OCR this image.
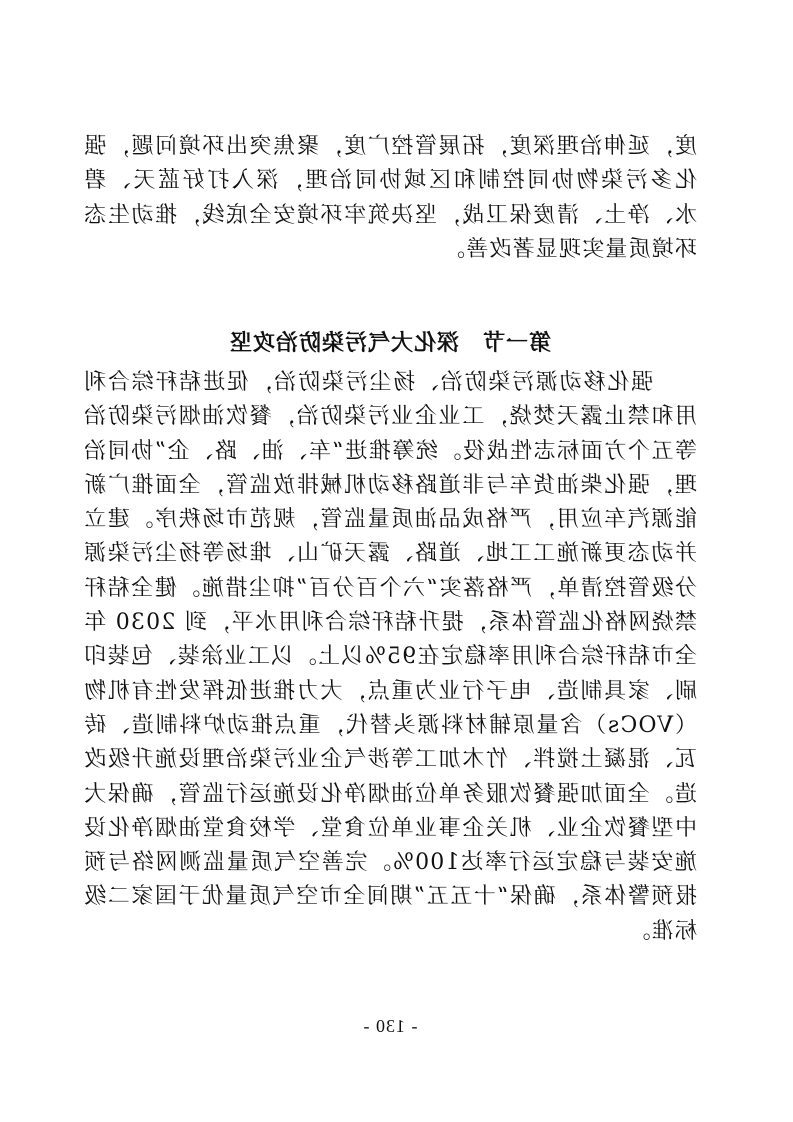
度，延伸治理深度，拓展管控广度，聚焦突出环境问题，强化多污染物协同控制和区域协同治理，深入打好蓝天、碧水、净土、清废保卫战，坚决筑牢环境安全底线，推动生态环境质量实现显著改善。

第一节　深化大气污染防治攻坚

强化移动源污染防治、扬尘污染防治，促进秸秆综合利用和禁止露天焚烧，工业企业污染防治，餐饮油烟污染防治等五个方面标志性战役。统筹推进“车、油、路、企”协同治理，强化柴油货车与非道路移动机械排放监管，全面推广新能源汽车应用，严格成品油质量监管，规范市场秩序。建立并动态更新施工工地、道路、露天矿山、堆场等扬尘污染源分级管控清单，严格落实“六个百分百”抑尘措施。健全秸秆禁烧网格化监管体系，提升秸秆综合利用水平，到 2030 年全市秸秆综合利用率稳定在95%以上。以工业涂装、包装印刷、家具制造、电子行业为重点，大力推进低挥发性有机物（VOCs）含量原辅材料源头替代，重点推动炉料制造、砖瓦、混凝土搅拌、竹木加工等涉气企业污染治理设施升级改造。全面加强餐饮服务单位油烟净化设施运行监管，确保大中型餐饮企业、机关企事业单位食堂、学校食堂油烟净化设施安装与稳定运行率达100%。完善空气质量监测网络与预报预警体系，确保“十五五”期间全市空气质量优于国家二级标准。

- 130 -
